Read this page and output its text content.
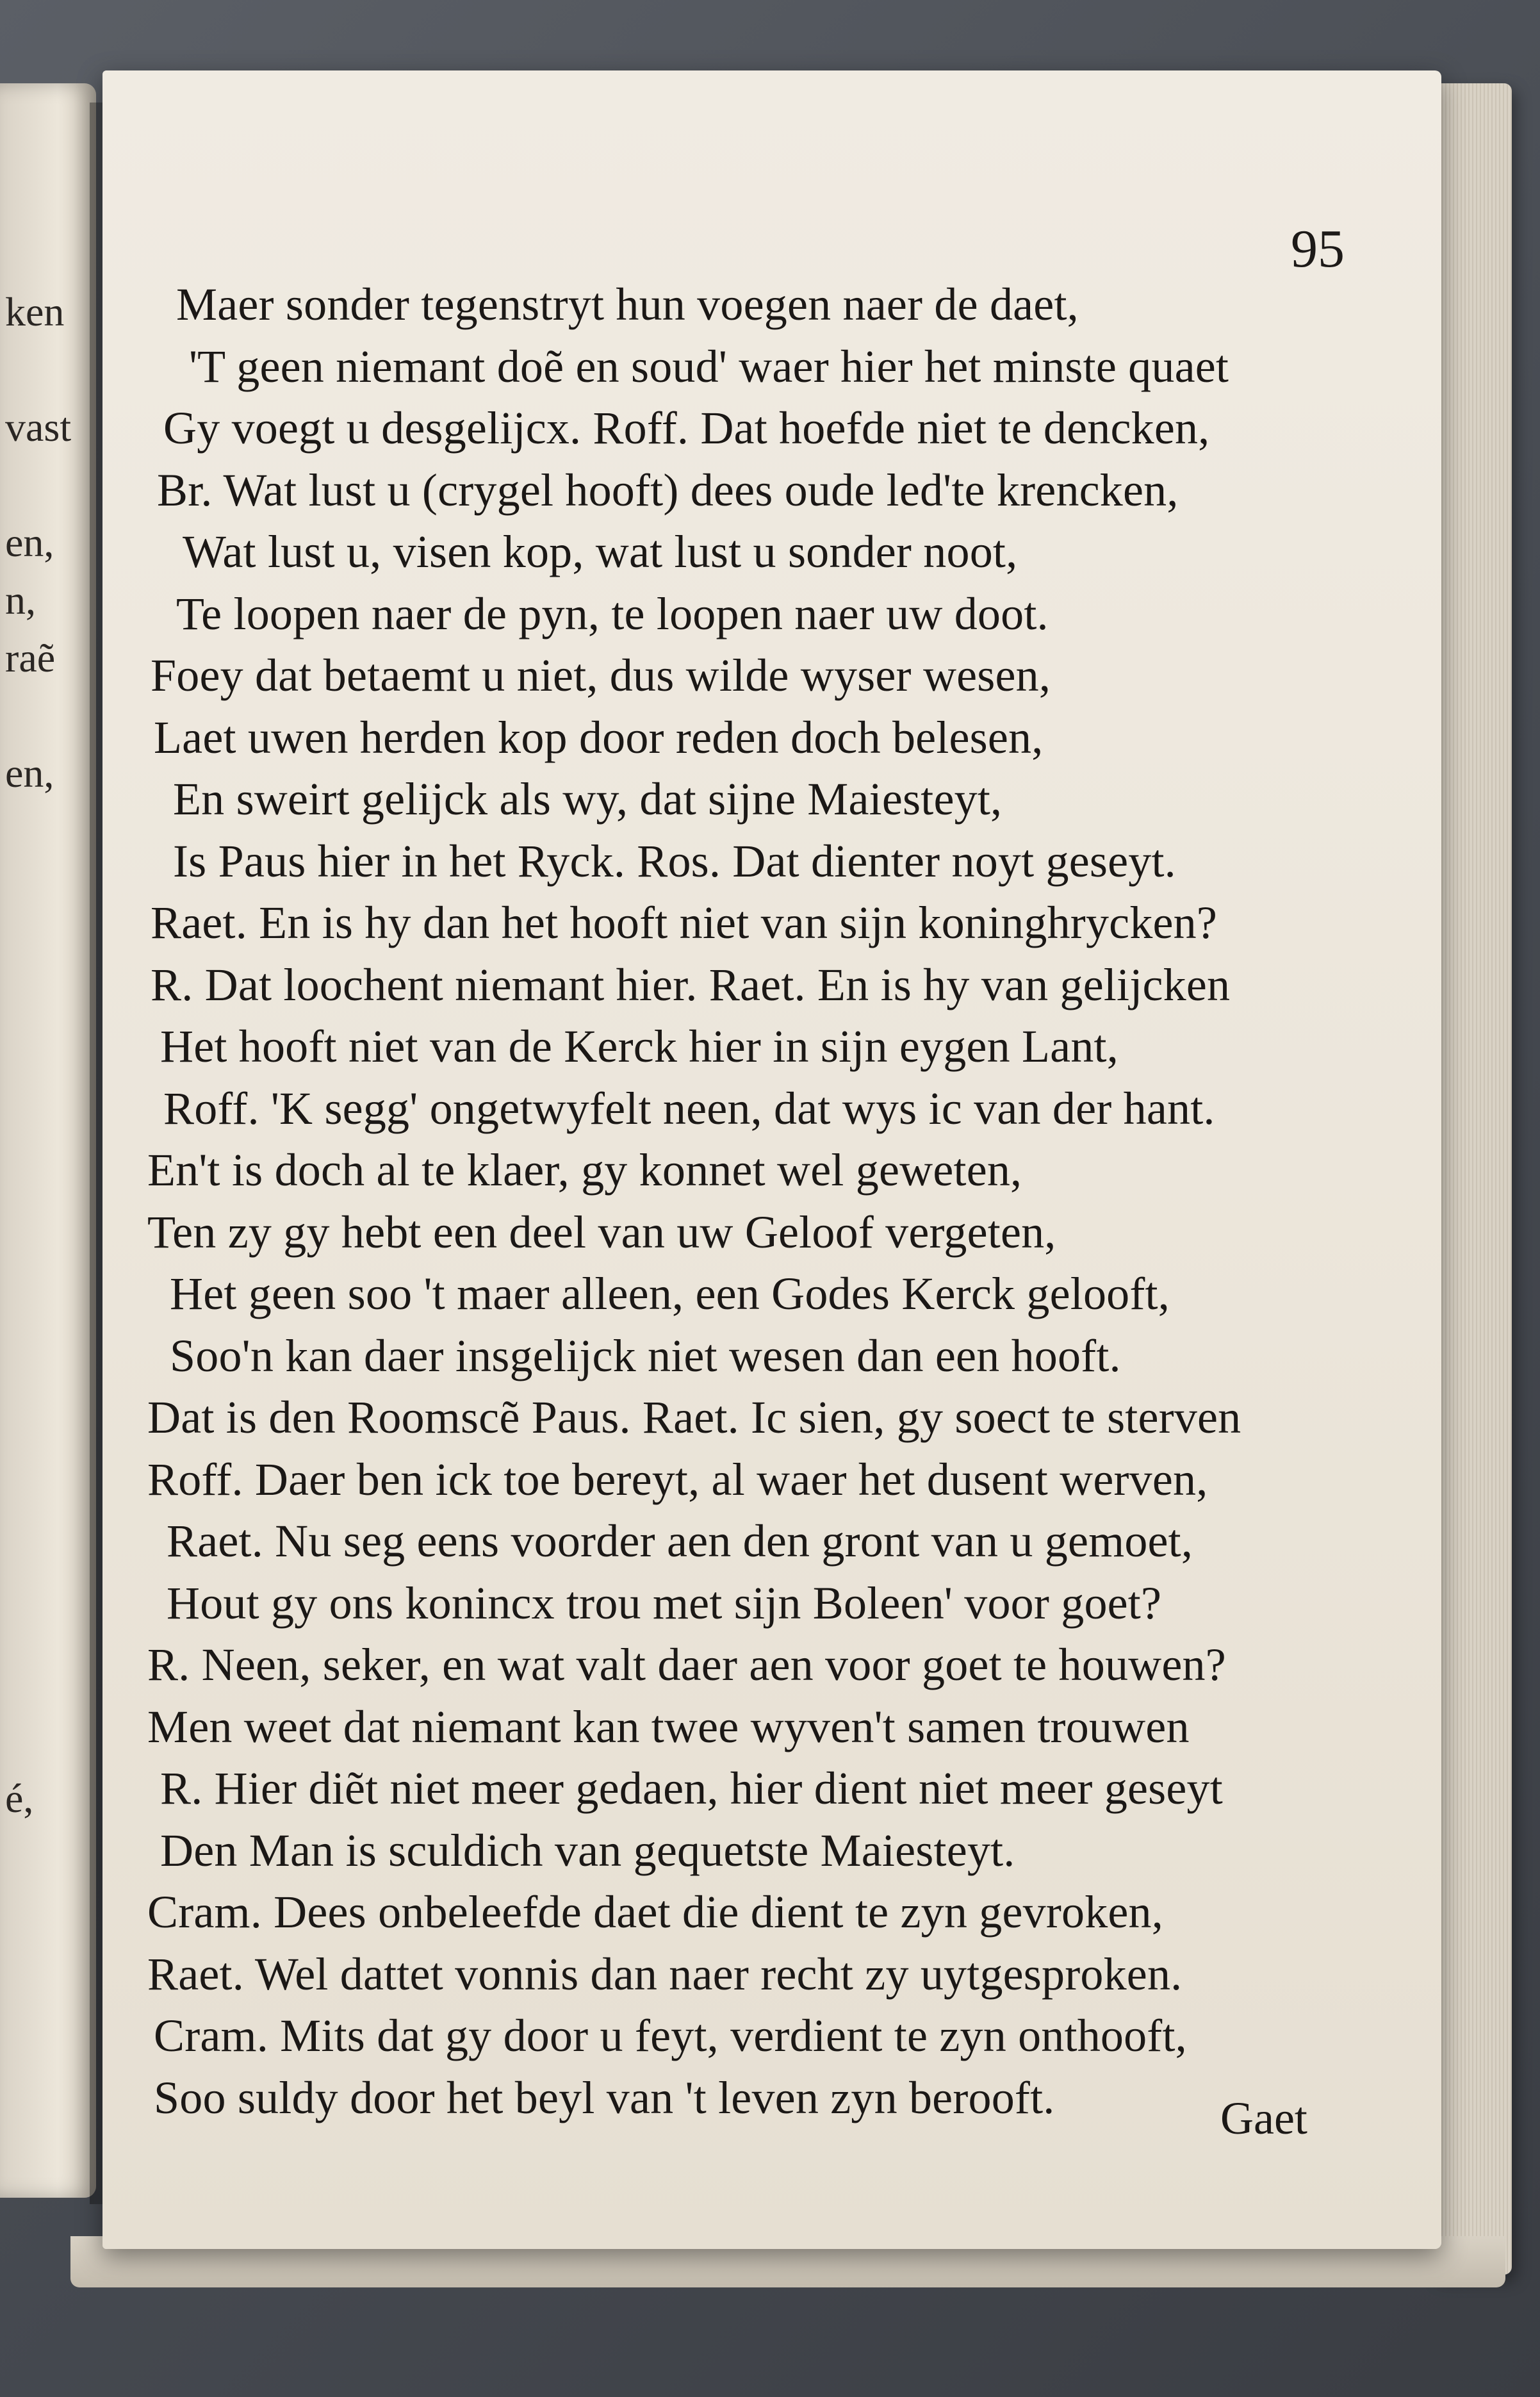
ken
vast
en,
n,
raẽ
en,
é,
95
Maer sonder tegenstryt hun voegen naer de daet,
'T geen niemant doẽ en soud' waer hier het minste quaet
Gy voegt u desgelijcx. Roff. Dat hoefde niet te dencken,
Br. Wat lust u (crygel hooft) dees oude led'te krencken,
Wat lust u, visen kop, wat lust u sonder noot,
Te loopen naer de pyn, te loopen naer uw doot.
Foey dat betaemt u niet, dus wilde wyser wesen,
Laet uwen herden kop door reden doch belesen,
En sweirt gelijck als wy, dat sijne Maiesteyt,
Is Paus hier in het Ryck. Ros. Dat dienter noyt geseyt.
Raet. En is hy dan het hooft niet van sijn koninghrycken?
R. Dat loochent niemant hier. Raet. En is hy van gelijcken
Het hooft niet van de Kerck hier in sijn eygen Lant,
Roff. 'K segg' ongetwyfelt neen, dat wys ic van der hant.
En't is doch al te klaer, gy konnet wel geweten,
Ten zy gy hebt een deel van uw Geloof vergeten,
Het geen soo 't maer alleen, een Godes Kerck gelooft,
Soo'n kan daer insgelijck niet wesen dan een hooft.
Dat is den Roomscẽ Paus. Raet. Ic sien, gy soect te sterven
Roff. Daer ben ick toe bereyt, al waer het dusent werven,
Raet. Nu seg eens voorder aen den gront van u gemoet,
Hout gy ons konincx trou met sijn Boleen' voor goet?
R. Neen, seker, en wat valt daer aen voor goet te houwen?
Men weet dat niemant kan twee wyven't samen trouwen
R. Hier diẽt niet meer gedaen, hier dient niet meer geseyt
Den Man is sculdich van gequetste Maiesteyt.
Cram. Dees onbeleefde daet die dient te zyn gevroken,
Raet. Wel dattet vonnis dan naer recht zy uytgesproken.
Cram. Mits dat gy door u feyt, verdient te zyn onthooft,
Soo suldy door het beyl van 't leven zyn berooft.	Gaet
